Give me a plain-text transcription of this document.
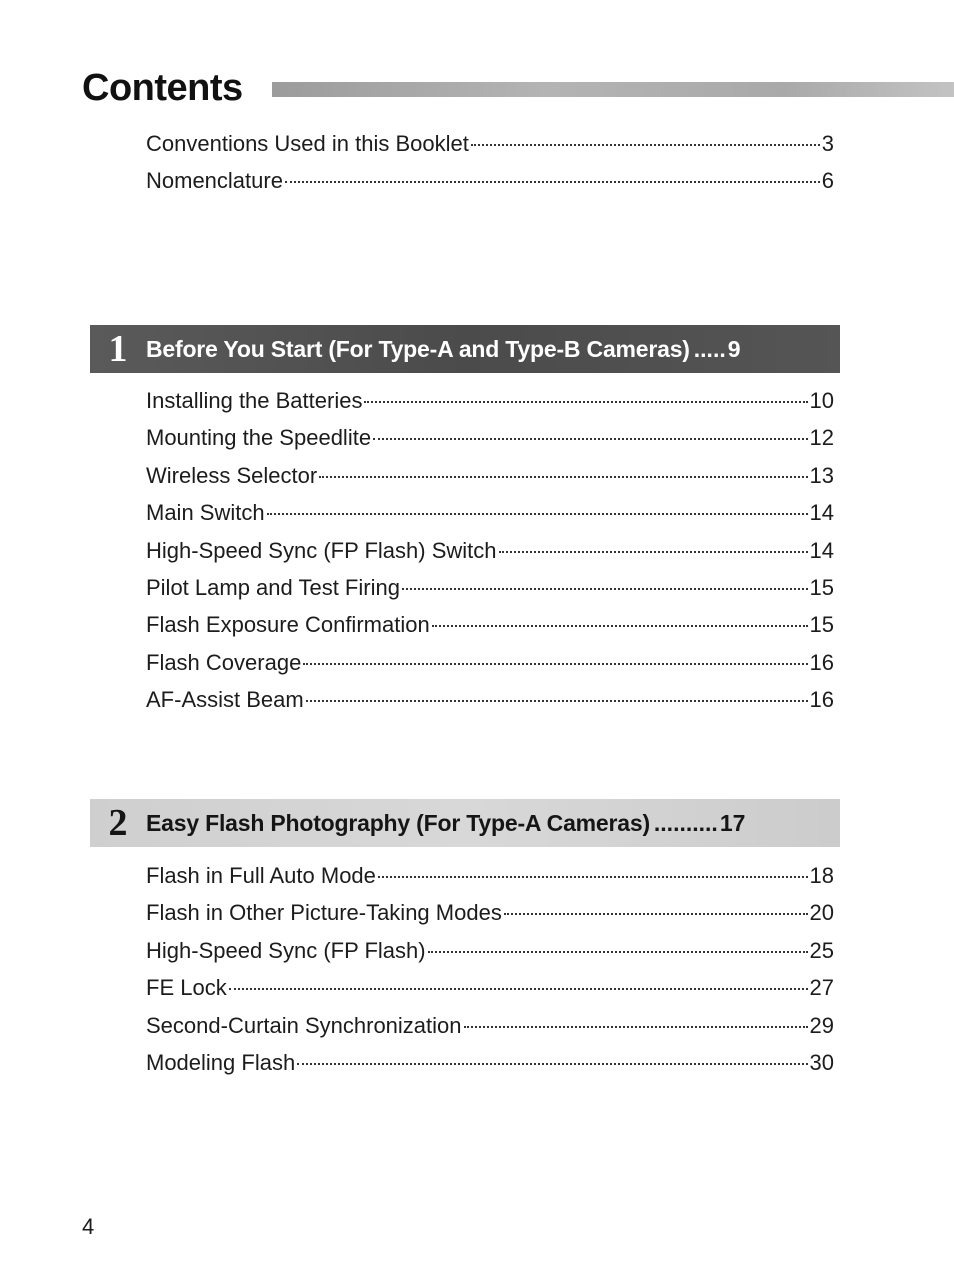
Contents
Conventions Used in this Booklet	3
Nomenclature	6
1 Before You Start (For Type-A and Type-B Cameras) ..... 9
Installing the Batteries	10
Mounting the Speedlite	12
Wireless Selector	13
Main Switch	14
High-Speed Sync (FP Flash) Switch	14
Pilot Lamp and Test Firing	15
Flash Exposure Confirmation	15
Flash Coverage	16
AF-Assist Beam	16
2 Easy Flash Photography (For Type-A Cameras) .......... 17
Flash in Full Auto Mode	18
Flash in Other Picture-Taking Modes	20
High-Speed Sync (FP Flash)	25
FE Lock	27
Second-Curtain Synchronization	29
Modeling Flash	30
4
